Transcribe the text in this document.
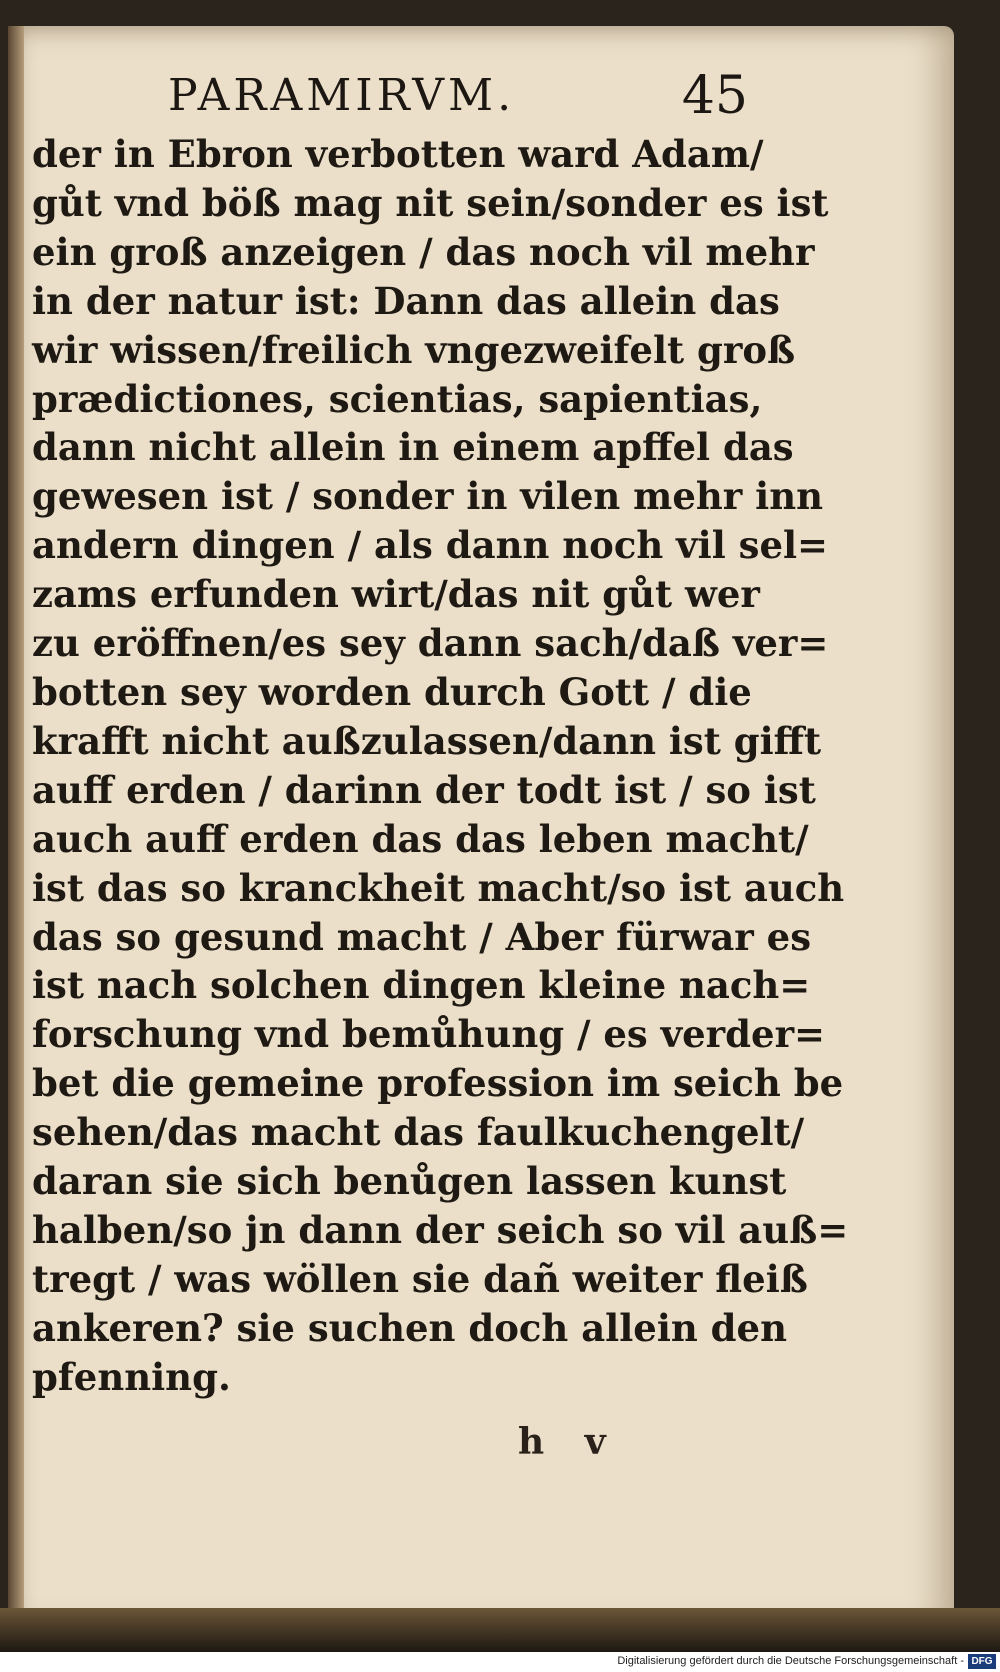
PARAMIRVM.	45
der in Ebron verbotten ward Adam/
gůt vnd böß mag nit sein/sonder es ist
ein groß anzeigen / das noch vil mehr
in der natur ist: Dann das allein das
wir wissen/freilich vngezweifelt groß
prædictiones, scientias, sapientias,
dann nicht allein in einem apffel das
gewesen ist / sonder in vilen mehr inn
andern dingen / als dann noch vil sel=
zams erfunden wirt/das nit gůt wer
zu eröffnen/es sey dann sach/daß ver=
botten sey worden durch Gott / die
krafft nicht außzulassen/dann ist gifft
auff erden / darinn der todt ist / so ist
auch auff erden das das leben macht/
ist das so kranckheit macht/so ist auch
das so gesund macht / Aber fürwar es
ist nach solchen dingen kleine nach=
forschung vnd bemůhung / es verder=
bet die gemeine profession im seich be
sehen/das macht das faulkuchengelt/
daran sie sich benůgen lassen kunst
halben/so jn dann der seich so vil auß=
tregt / was wöllen sie dañ weiter fleiß
ankeren? sie suchen doch allein den
pfenning.
h v
Digitalisierung gefördert durch die Deutsche Forschungsgemeinschaft - DFG
